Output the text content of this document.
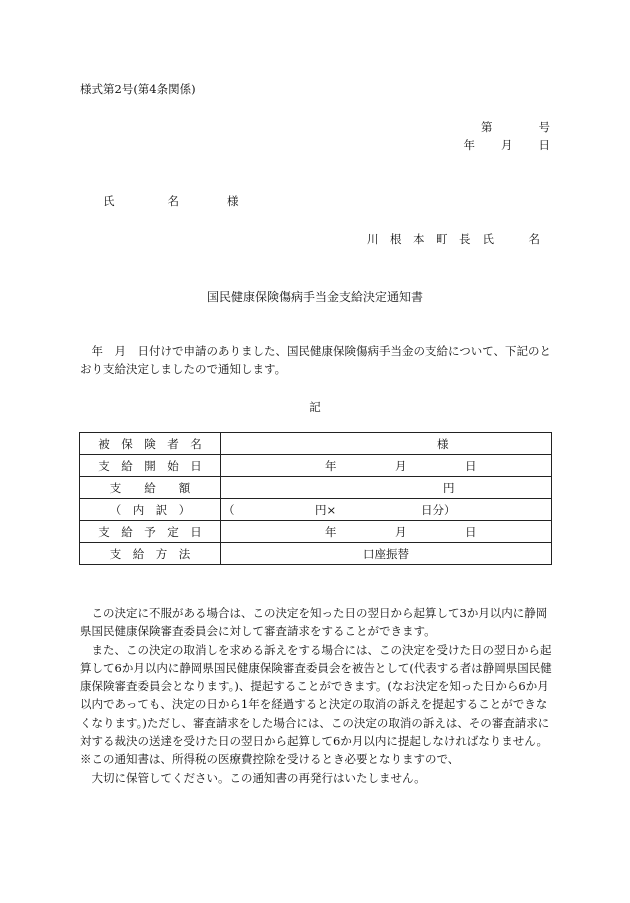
様式第2号(第4条関係)
第	号
年 月 日
氏　　名	様
川　根　本　町　長 氏　　　名
国民健康保険傷病手当金支給決定通知書
　年　月　日付けで申請のありました、国民健康保険傷病手当金の支給について、下記のとおり支給決定しましたので通知します。
記
被　保　険　者　名	様

支　給　開　始　日	年 月 日

支　　給　　額	円

（　内　訳　）	（ 円× 日分）

支　給　予　定　日	年 月 日

支　給　方　法	口座振替

　この決定に不服がある場合は、この決定を知った日の翌日から起算して3か月以内に静岡県国民健康保険審査委員会に対して審査請求をすることができます。

　また、この決定の取消しを求める訴えをする場合には、この決定を受けた日の翌日から起算して6か月以内に静岡県国民健康保険審査委員会を被告として(代表する者は静岡県国民健康保険審査委員会となります。)、提起することができます。(なお決定を知った日から6か月以内であっても、決定の日から1年を経過すると決定の取消の訴えを提起することができなくなります。)ただし、審査請求をした場合には、この決定の取消の訴えは、その審査請求に対する裁決の送達を受けた日の翌日から起算して6か月以内に提起しなければなりません。

※この通知書は、所得税の医療費控除を受けるとき必要となりますので、

　大切に保管してください。この通知書の再発行はいたしません。
